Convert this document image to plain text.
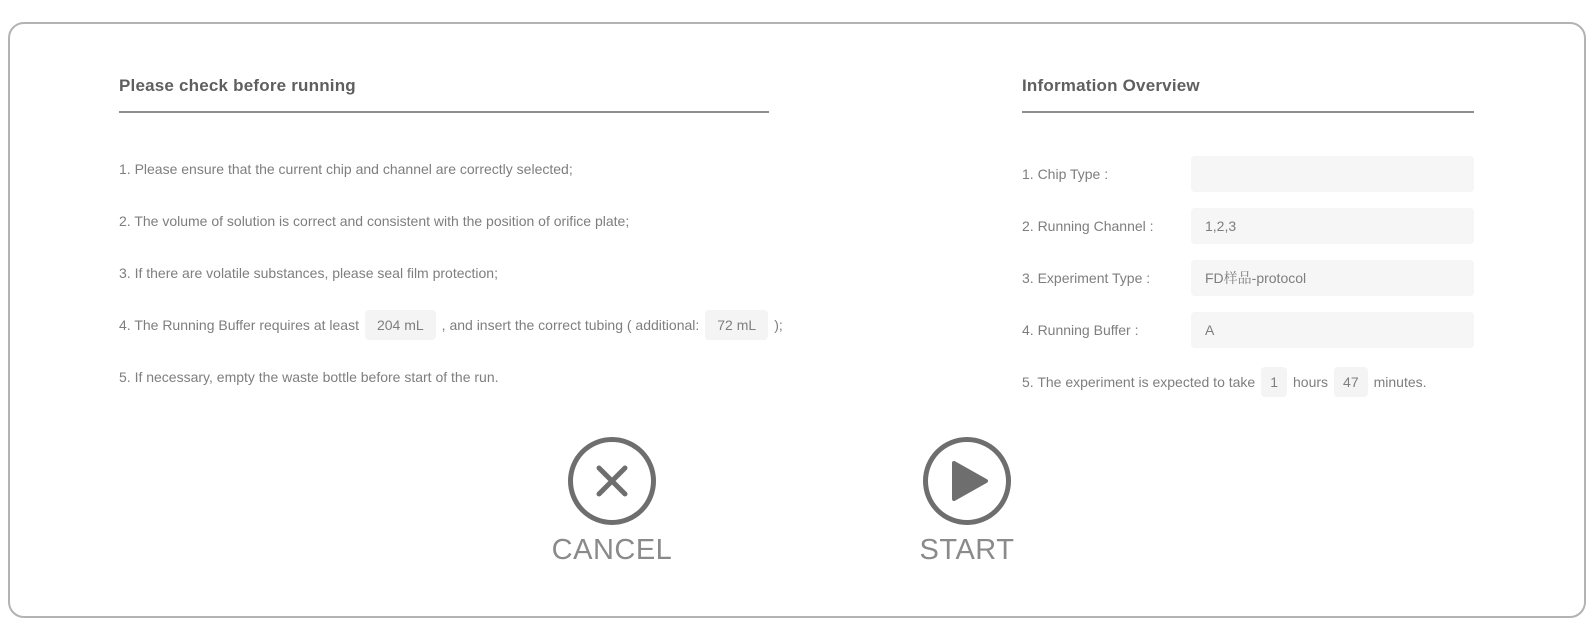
Please check before running
1. Please ensure that the current chip and channel are correctly selected;
2. The volume of solution is correct and consistent with the position of orifice plate;
3. If there are volatile substances, please seal film protection;
4. The Running Buffer requires at least	204 mL	, and insert the correct tubing ( additional:	72 mL	);
5. If necessary, empty the waste bottle before start of the run.
Information Overview
1. Chip Type :
2. Running Channel :	1,2,3
3. Experiment Type :	FD样品-protocol
4. Running Buffer :	A
5. The experiment is expected to take	1	hours	47	minutes.
CANCEL	START
